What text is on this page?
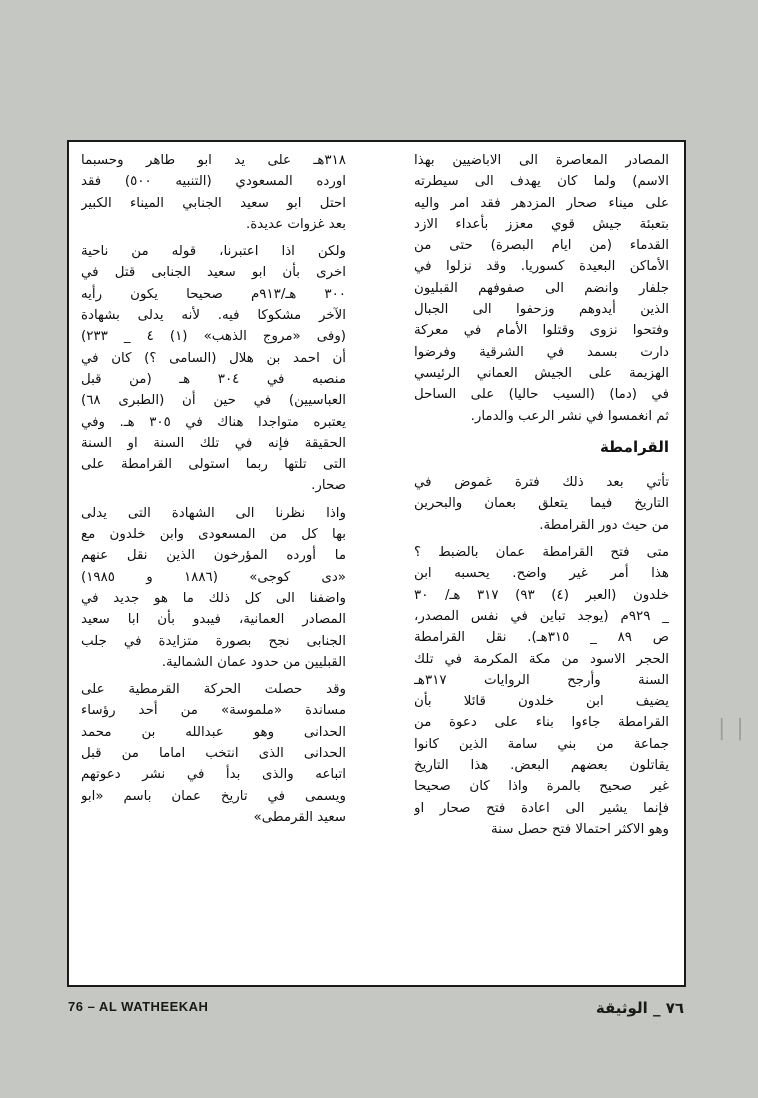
المصادر المعاصرة الى الاباضيين بهذا
الاسم) ولما كان يهدف الى سيطرته
على ميناء صحار المزدهر فقد امر واليه
بتعبئة جيش قوي معزز بأعداء الازد
القدماء (من ايام البصرة) حتى من
الأماكن البعيدة كسوريا. وقد نزلوا في
جلفار وانضم الى صفوفهم القبليون
الذين أيدوهم وزحفوا الى الجبال
وفتحوا نزوى وقتلوا الأمام في معركة
دارت بسمد في الشرقية وفرضوا
الهزيمة على الجيش العماني الرئيسي
في (دما) (السيب حاليا) على الساحل
ثم انغمسوا في نشر الرعب والدمار.

القرامطة

تأتي بعد ذلك فترة غموض في
التاريخ فيما يتعلق بعمان والبحرين
من حيث دور القرامطة.

متى فتح القرامطة عمان بالضبط ؟
هذا أمر غير واضح. يحسبه ابن
خلدون (العبر (٤) ٩٣) ٣١٧ هـ/ ٣٠
_ ٩٢٩م (يوجد تباين في نفس المصدر،
ص ٨٩ _ ٣١٥هـ). نقل القرامطة
الحجر الاسود من مكة المكرمة في تلك
السنة وأرجح الروايات ٣١٧هـ
يضيف ابن خلدون قائلا بأن
القرامطة جاءوا بناء على دعوة من
جماعة من بني سامة الذين كانوا
يقاتلون بعضهم البعض. هذا التاريخ
غير صحيح بالمرة واذا كان صحيحا
فإنما يشير الى اعادة فتح صحار او
وهو الاكثر احتمالا فتح حصل سنة

٣١٨هـ على يد ابو طاهر وحسبما
اورده المسعودي (التنبيه ٥٠٠) فقد
احتل ابو سعيد الجنابي الميناء الكبير
بعد غزوات عديدة.

ولكن اذا اعتبرنا، قوله من ناحية
اخرى بأن ابو سعيد الجنابى قتل في
٣٠٠ هـ/٩١٣م صحيحا يكون رأيه
الآخر مشكوكا فيه. لأنه يدلى بشهادة
(وفى «مروج الذهب» (١) ٤ _ ٢٣٣)
أن احمد بن هلال (السامى ؟) كان في
منصبه في ٣٠٤ هـ (من قبل
العباسيين) في حين أن (الطبرى ٦٨)
يعتبره متواجدا هناك في ٣٠٥ هـ. وفي
الحقيقة فإنه في تلك السنة او السنة
التى تلتها ربما استولى القرامطة على
صحار.

واذا نظرنا الى الشهادة التى يدلى
بها كل من المسعودى وابن خلدون مع
ما أورده المؤرخون الذين نقل عنهم
«دى كوجى» (١٨٨٦ و ١٩٨٥)
واضفنا الى كل ذلك ما هو جديد في
المصادر العمانية، فيبدو بأن ابا سعيد
الجنابى نجح بصورة متزايدة في جلب
القبليين من حدود عمان الشمالية.

وقد حصلت الحركة القرمطية على
مساندة «ملموسة» من أحد رؤساء
الحدانى وهو عبدالله بن محمد
الحدانى الذى انتخب اماما من قبل
اتباعه والذى بدأ في نشر دعوتهم
ويسمى في تاريخ عمان باسم «ابو
سعيد القرمطى»

76 – AL WATHEEKAH	٧٦ _ الوثيقة
| |
